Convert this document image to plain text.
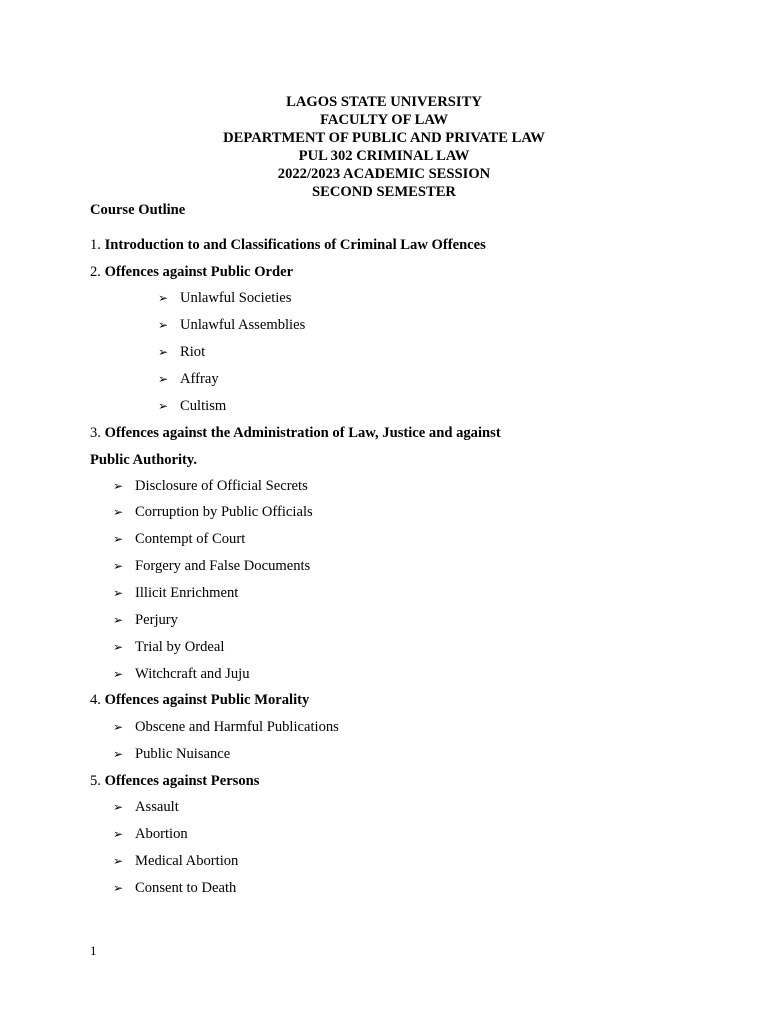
LAGOS STATE UNIVERSITY
FACULTY OF LAW
DEPARTMENT OF PUBLIC AND PRIVATE LAW
PUL 302 CRIMINAL LAW
2022/2023 ACADEMIC SESSION
SECOND SEMESTER
Course Outline
1. Introduction to and Classifications of Criminal Law Offences
2. Offences against Public Order
➢ Unlawful Societies
➢ Unlawful Assemblies
➢ Riot
➢ Affray
➢ Cultism
3. Offences against the Administration of Law, Justice and against
Public Authority.
➢ Disclosure of Official Secrets
➢ Corruption by Public Officials
➢ Contempt of Court
➢ Forgery and False Documents
➢ Illicit Enrichment
➢ Perjury
➢ Trial by Ordeal
➢ Witchcraft and Juju
4. Offences against Public Morality
➢ Obscene and Harmful Publications
➢ Public Nuisance
5. Offences against Persons
➢ Assault
➢ Abortion
➢ Medical Abortion
➢ Consent to Death
1
